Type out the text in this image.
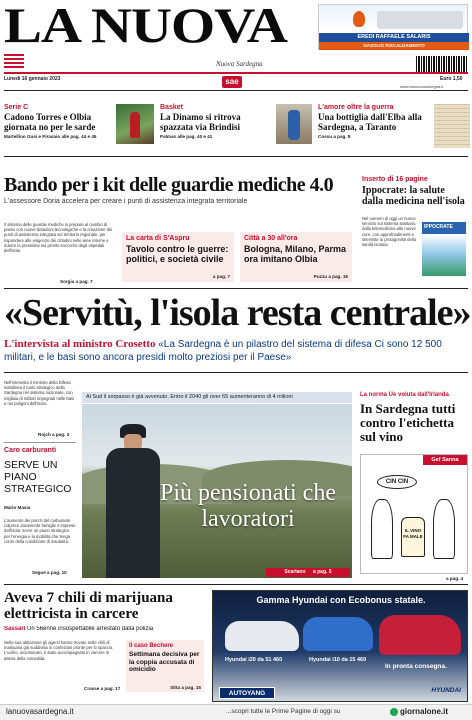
LA NUOVA
Nuova Sardegna
Lunedì 16 gennaio 2023	Euro 1,50
www.lanuovasardegna.it
sae
EREDI RAFFAELE SALARIS
GASOLIO RISCALDAMENTO
Serie C
Cadono Torres e Olbia giornata no per le sarde
Martellino Gusi e Pirasaio alle pag. 44 e 45
Basket
La Dinamo si ritrova spazzata via Brindisi
Palmas alle pag. 40 e 41
L'amore oltre la guerra
Una bottiglia dall'Elba alla Sardegna, a Taranto
Cossu a pag. 8
Bando per i kit delle guardie mediche 4.0
L'assessore Doria accelera per creare i punti di assistenza integrata territoriale
Il sistema delle guardie mediche si prepara al cambio di passo con nuove dotazioni tecnologiche e la creazione dei punti di assistenza integrata sul territorio regionale, per rispondere alle esigenze dei cittadini nelle aree interne e ridurre la pressione sui pronto soccorso degli ospedali dell'isola.
Sorgia a pag. 7
La carta di S'Aspru
Tavolo contro le guerre: politici, e società civile
a pag. 7
Città a 30 all'ora
Bologna, Milano, Parma ora imitano Olbia
Puzzu a pag. 16
Inserto di 16 pagine
Ippocrate: la salute dalla medicina nell'isola
Nel numero di oggi un nuovo servizio sul sistema sanitario, dalla telemedicina alle nuove cure, con approfondimenti e interviste ai protagonisti della sanità isolana.
IPPOCRATE
«Servitù, l'isola resta centrale»
L'intervista al ministro Crosetto «La Sardegna è un pilastro del sistema di difesa Ci sono 12 500 militari, e le basi sono ancora presidi molto preziosi per il Paese»
Nell'intervista il ministro della Difesa sottolinea il ruolo strategico della Sardegna nel sistema nazionale, con migliaia di militari impegnati nelle basi e nei poligoni dell'isola.
Rojch a pag. 3
Caro carburanti
SERVE UN PIANO STRATEGICO
Mario Masia
L'aumento dei prezzi del carburante colpisce duramente famiglie e imprese dell'isola: serve un piano strategico per l'energia e la mobilità che tenga conto della condizione di insularità.
Segue a pag. 10
Al Sud il sorpasso è già avvenuto. Entro il 2040 gli over 65 aumenteranno di 4 milioni
Più pensionati che lavoratori
Scarlano a pag. 5
La norma Ue voluta dall'Irlanda
In Sardegna tutti contro l'etichetta sul vino
Gef Sanna
CIN CIN
IL VINO FA MALE
a pag. 4
Aveva 7 chili di marijuana elettricista in carcere
Sassari Un 56enne insospettabile arrestato dalla polizia
Nella sua abitazione gli agenti hanno trovato sette chili di marijuana già suddivisa in confezioni pronte per lo spaccio. L'uomo, incensurato, è stato accompagnato in carcere in attesa della convalida.
Crasse a pag. 17
Il caso Bechere
Settimana decisiva per la coppia accusata di omicidio
Sitta a pag. 15
Gamma Hyundai con Ecobonus statale.
Hyundai i20 da 51 460	Hyundai i10 da 15 460
In pronta consegna.
AUTOYANG	HYUNDAI
lanuovasardegna.it	...scopri tutte le Prime Pagine di oggi su	giornalone.it
